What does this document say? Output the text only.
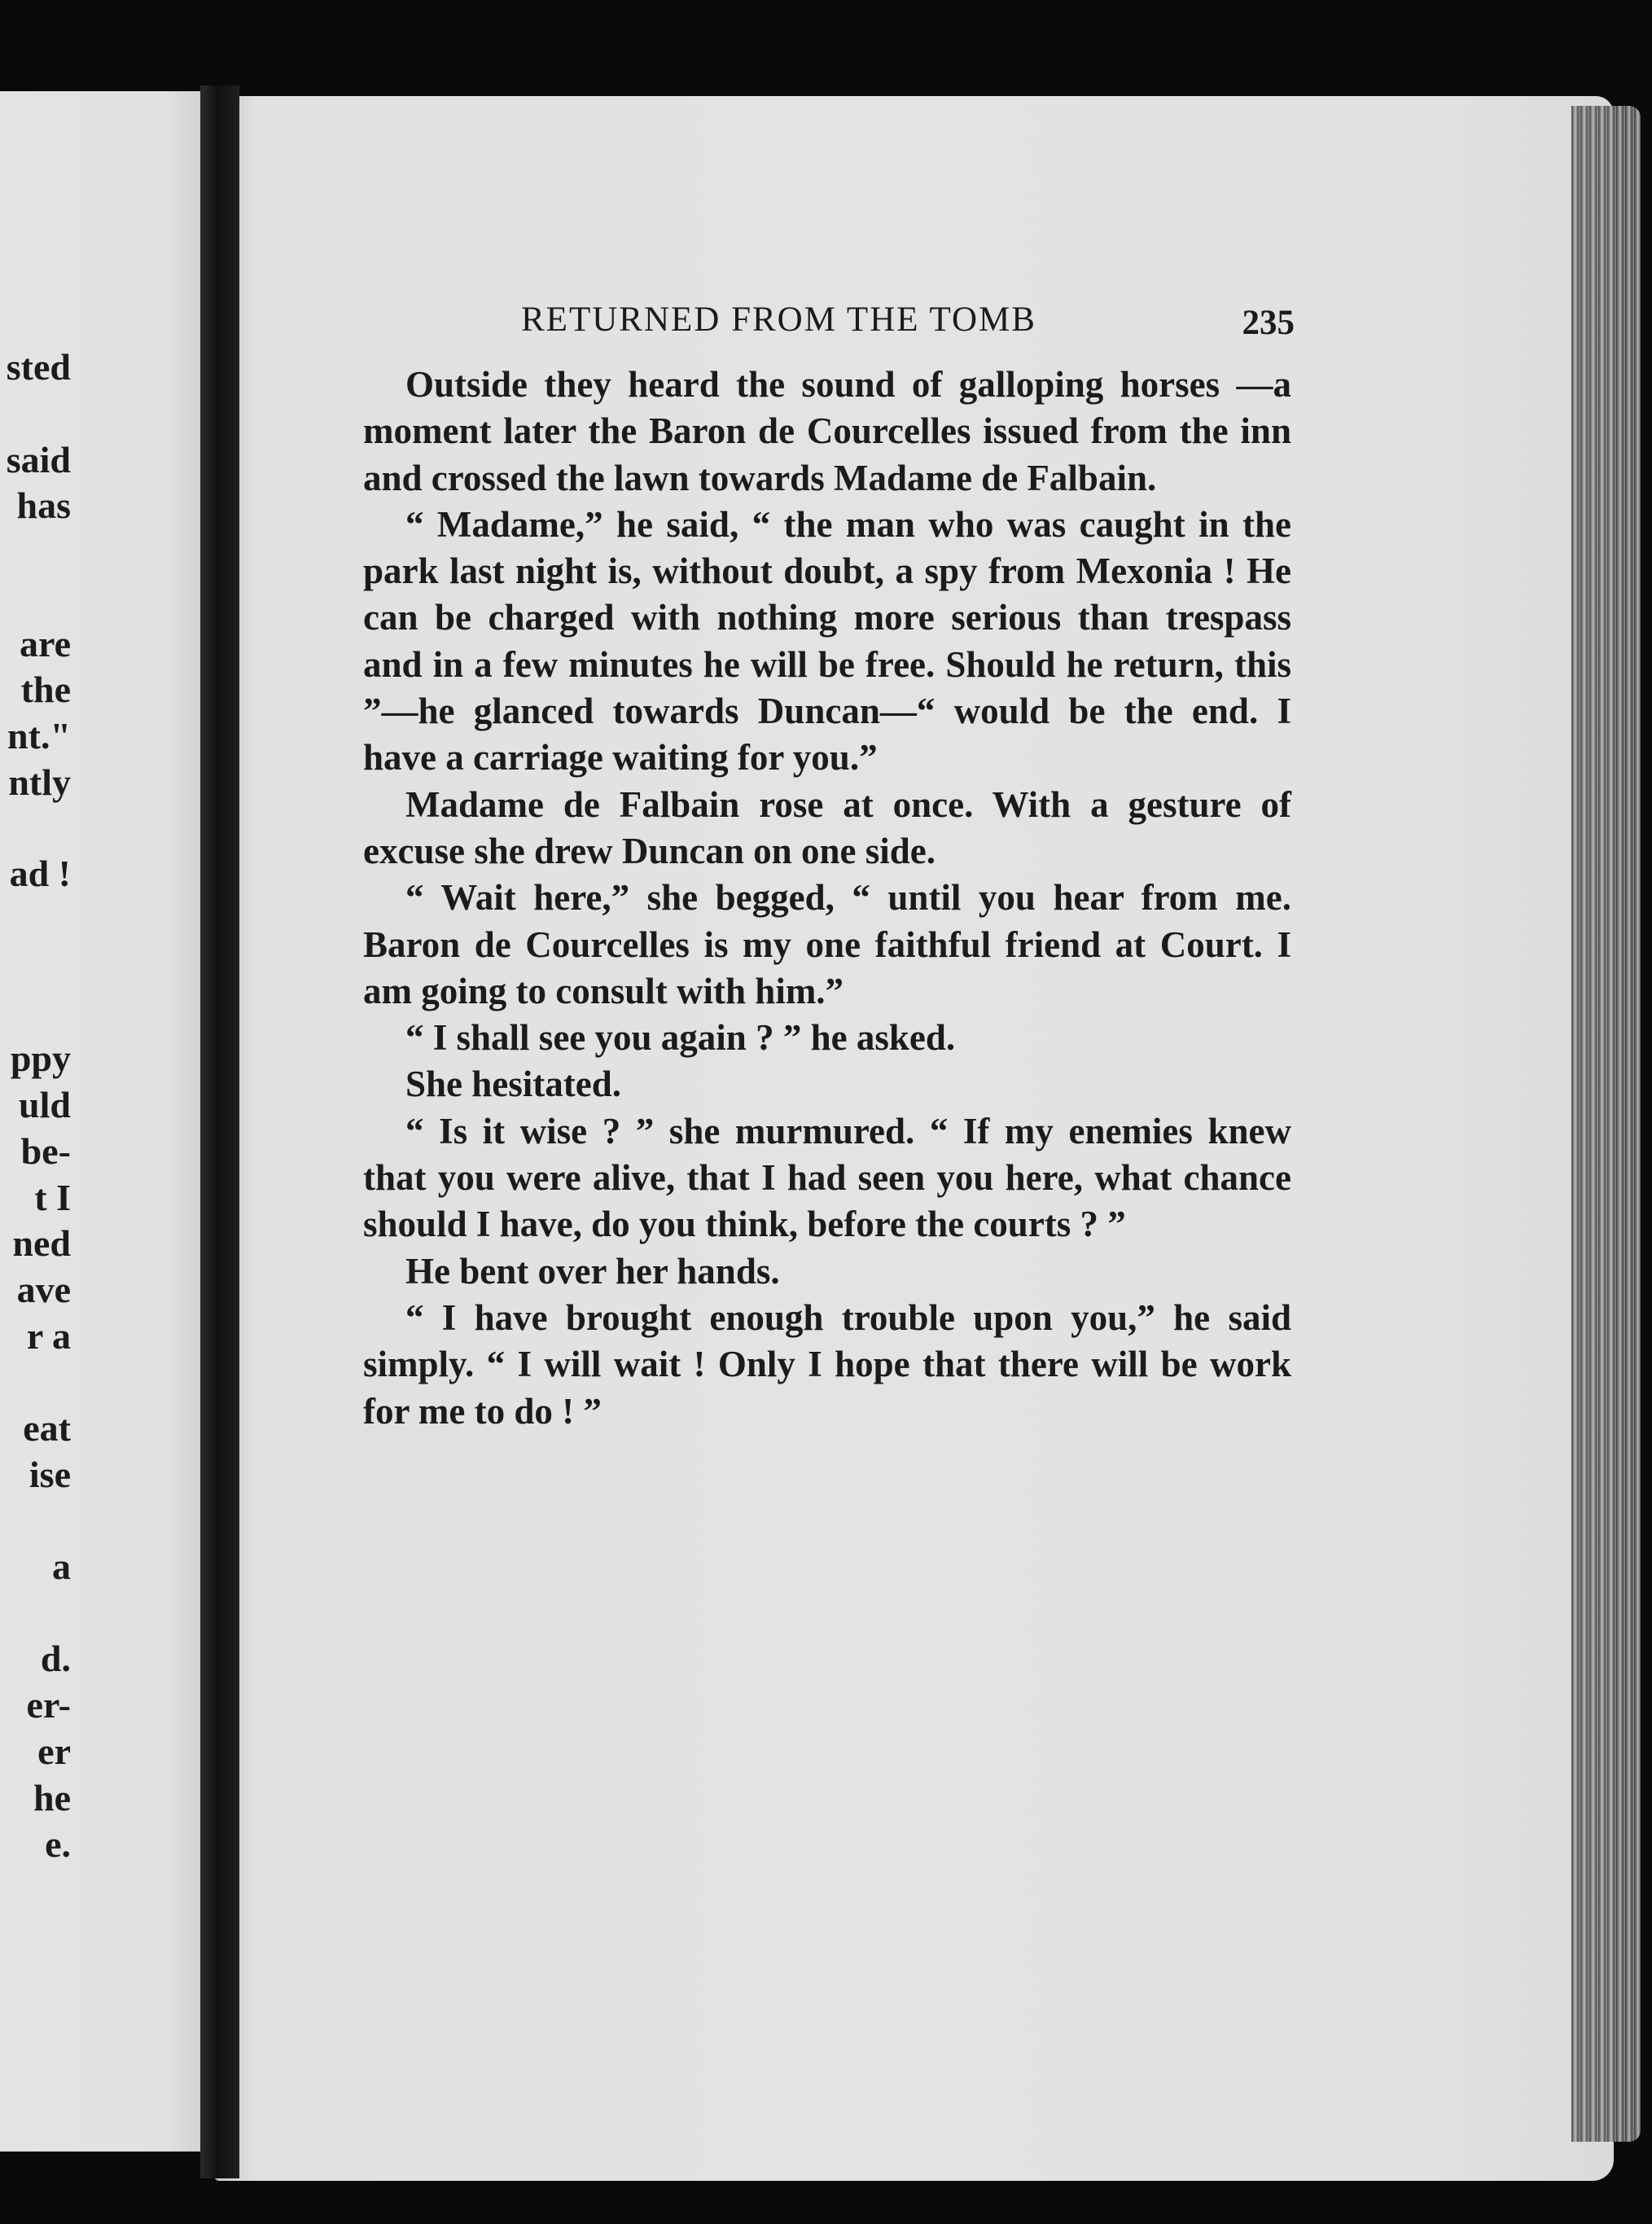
sted
said
has
are
the
nt."
ntly
ad !
ppy
uld
be-
t I
ned
ave
r a
eat
ise
a
d.
er-
er
he
e.
RETURNED FROM THE TOMB	235

Outside they heard the sound of galloping horses —a moment later the Baron de Courcelles issued from the inn and crossed the lawn towards Madame de Falbain.

“ Madame,” he said, “ the man who was caught in the park last night is, without doubt, a spy from Mexonia ! He can be charged with nothing more serious than trespass and in a few minutes he will be free. Should he return, this ”—he glanced towards Duncan—“ would be the end. I have a carriage waiting for you.”

Madame de Falbain rose at once. With a gesture of excuse she drew Duncan on one side.

“ Wait here,” she begged, “ until you hear from me. Baron de Courcelles is my one faithful friend at Court. I am going to consult with him.”

“ I shall see you again ? ” he asked.

She hesitated.

“ Is it wise ? ” she murmured. “ If my enemies knew that you were alive, that I had seen you here, what chance should I have, do you think, before the courts ? ”

He bent over her hands.

“ I have brought enough trouble upon you,” he said simply. “ I will wait ! Only I hope that there will be work for me to do ! ”
